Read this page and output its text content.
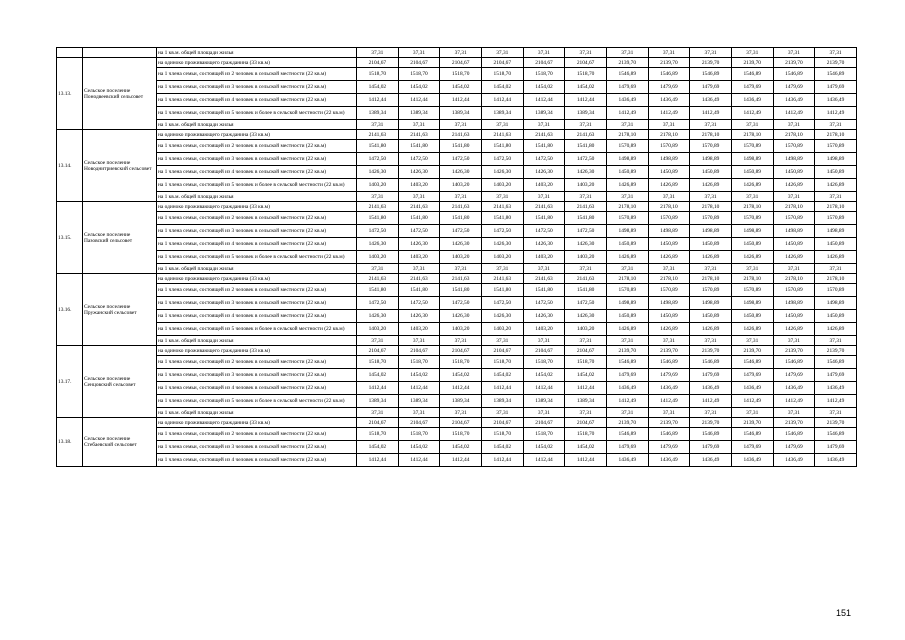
		на 1 кв.м. общей площади жилья	37,31	37,31	37,31	37,31	37,31	37,31	37,31	37,31	37,31	37,31	37,31	37,31
13.13.	Сельское поселение Понодвеевский сельсовет	на одиноко проживающего гражданина (33 кв.м)	2104,67	2104,67	2104,67	2104,67	2104,67	2104,67	2139,70	2139,70	2139,70	2139,70	2139,70	2139,70
		на 1 члена семьи, состоящей из 2 человек в сельской местности (22 кв.м)	1518,70	1518,70	1518,70	1518,70	1518,70	1518,70	1546,89	1546,89	1546,89	1546,89	1546,89	1546,89
		на 1 члена семьи, состоящей из 3 человек в сельской местности (22 кв.м)	1454,02	1454,02	1454,02	1454,02	1454,02	1454,02	1479,69	1479,69	1479,69	1479,69	1479,69	1479,69
		на 1 члена семьи, состоящей из 4 человек в сельской местности (22 кв.м)	1412,44	1412,44	1412,44	1412,44	1412,44	1412,44	1436,49	1436,49	1436,49	1436,49	1436,49	1436,49
		на 1 члена семьи, состоящей из 5 человек и более в сельской местности (22 кв.м)	1389,34	1389,34	1389,34	1389,34	1389,34	1389,34	1412,49	1412,49	1412,49	1412,49	1412,49	1412,49
		на 1 кв.м. общей площади жилья	37,31	37,31	37,31	37,31	37,31	37,31	37,31	37,31	37,31	37,31	37,31	37,31
13.14.	Сельское поселение Новоднитриевский сельсовет	на одиноко проживающего гражданина (33 кв.м)	2141,63	2141,63	2141,63	2141,63	2141,63	2141,63	2178,10	2178,10	2178,10	2178,10	2178,10	2178,10
		на 1 члена семьи, состоящей из 2 человек в сельской местности (22 кв.м)	1541,80	1541,80	1541,80	1541,80	1541,80	1541,80	1570,89	1570,89	1570,89	1570,89	1570,89	1570,89
		на 1 члена семьи, состоящей из 3 человек в сельской местности (22 кв.м)	1472,50	1472,50	1472,50	1472,50	1472,50	1472,50	1498,89	1498,89	1498,89	1498,89	1498,89	1498,89
		на 1 члена семьи, состоящей из 4 человек в сельской местности (22 кв.м)	1426,30	1426,30	1426,30	1426,30	1426,30	1426,30	1450,89	1450,89	1450,89	1450,89	1450,89	1450,89
		на 1 члена семьи, состоящей из 5 человек и более в сельской местности (22 кв.м)	1403,20	1403,20	1403,20	1403,20	1403,20	1403,20	1426,89	1426,89	1426,89	1426,89	1426,89	1426,89
		на 1 кв.м. общей площади жилья	37,31	37,31	37,31	37,31	37,31	37,31	37,31	37,31	37,31	37,31	37,31	37,31
13.15.	Сельское поселение Пазовский сельсовет	на одиноко проживающего гражданина (33 кв.м)	2141,63	2141,63	2141,63	2141,63	2141,63	2141,63	2178,10	2178,10	2178,10	2178,10	2178,10	2178,10
		на 1 члена семьи, состоящей из 2 человек в сельской местности (22 кв.м)	1541,80	1541,80	1541,80	1541,80	1541,80	1541,80	1570,89	1570,89	1570,89	1570,89	1570,89	1570,89
		на 1 члена семьи, состоящей из 3 человек в сельской местности (22 кв.м)	1472,50	1472,50	1472,50	1472,50	1472,50	1472,50	1498,89	1498,89	1498,89	1498,89	1498,89	1498,89
		на 1 члена семьи, состоящей из 4 человек в сельской местности (22 кв.м)	1426,30	1426,30	1426,30	1426,30	1426,30	1426,30	1450,89	1450,89	1450,89	1450,89	1450,89	1450,89
		на 1 члена семьи, состоящей из 5 человек и более в сельской местности (22 кв.м)	1403,20	1403,20	1403,20	1403,20	1403,20	1403,20	1426,89	1426,89	1426,89	1426,89	1426,89	1426,89
		на 1 кв.м. общей площади жилья	37,31	37,31	37,31	37,31	37,31	37,31	37,31	37,31	37,31	37,31	37,31	37,31
13.16.	Сельское поселение Пружанский сельсовет	на одиноко проживающего гражданина (33 кв.м)	2141,63	2141,63	2141,63	2141,63	2141,63	2141,63	2178,10	2178,10	2178,10	2178,10	2178,10	2178,10
		на 1 члена семьи, состоящей из 2 человек в сельской местности (22 кв.м)	1541,80	1541,80	1541,80	1541,80	1541,80	1541,80	1570,89	1570,89	1570,89	1570,89	1570,89	1570,89
		на 1 члена семьи, состоящей из 3 человек в сельской местности (22 кв.м)	1472,50	1472,50	1472,50	1472,50	1472,50	1472,50	1498,89	1498,89	1498,89	1498,89	1498,89	1498,89
		на 1 члена семьи, состоящей из 4 человек в сельской местности (22 кв.м)	1426,30	1426,30	1426,30	1426,30	1426,30	1426,30	1450,89	1450,89	1450,89	1450,89	1450,89	1450,89
		на 1 члена семьи, состоящей из 5 человек и более в сельской местности (22 кв.м)	1403,20	1403,20	1403,20	1403,20	1403,20	1403,20	1426,89	1426,89	1426,89	1426,89	1426,89	1426,89
		на 1 кв.м. общей площади жилья	37,31	37,31	37,31	37,31	37,31	37,31	37,31	37,31	37,31	37,31	37,31	37,31
13.17.	Сельское поселение Сенцовский сельсовет	на одиноко проживающего гражданина (33 кв.м)	2104,67	2104,67	2104,67	2104,67	2104,67	2104,67	2139,70	2139,70	2139,70	2139,70	2139,70	2139,70
		на 1 члена семьи, состоящей из 2 человек в сельской местности (22 кв.м)	1518,70	1518,70	1518,70	1518,70	1518,70	1518,70	1546,89	1546,89	1546,89	1546,89	1546,89	1546,89
		на 1 члена семьи, состоящей из 3 человек в сельской местности (22 кв.м)	1454,02	1454,02	1454,02	1454,02	1454,02	1454,02	1479,69	1479,69	1479,69	1479,69	1479,69	1479,69
		на 1 члена семьи, состоящей из 4 человек в сельской местности (22 кв.м)	1412,44	1412,44	1412,44	1412,44	1412,44	1412,44	1436,49	1436,49	1436,49	1436,49	1436,49	1436,49
		на 1 члена семьи, состоящей из 5 человек и более в сельской местности (22 кв.м)	1389,34	1389,34	1389,34	1389,34	1389,34	1389,34	1412,49	1412,49	1412,49	1412,49	1412,49	1412,49
		на 1 кв.м. общей площади жилья	37,31	37,31	37,31	37,31	37,31	37,31	37,31	37,31	37,31	37,31	37,31	37,31
13.18.	Сельское поселение Стебаевский сельсовет	на одиноко проживающего гражданина (33 кв.м)	2104,67	2104,67	2104,67	2104,67	2104,67	2104,67	2139,70	2139,70	2139,70	2139,70	2139,70	2139,70
		на 1 члена семьи, состоящей из 2 человек в сельской местности (22 кв.м)	1518,70	1518,70	1518,70	1518,70	1518,70	1518,70	1546,89	1546,89	1546,89	1546,89	1546,89	1546,89
		на 1 члена семьи, состоящей из 3 человек в сельской местности (22 кв.м)	1454,02	1454,02	1454,02	1454,02	1454,02	1454,02	1479,69	1479,69	1479,69	1479,69	1479,69	1479,69
		на 1 члена семьи, состоящей из 4 человек в сельской местности (22 кв.м)	1412,44	1412,44	1412,44	1412,44	1412,44	1412,44	1436,49	1436,49	1436,49	1436,49	1436,49	1436,49
151
